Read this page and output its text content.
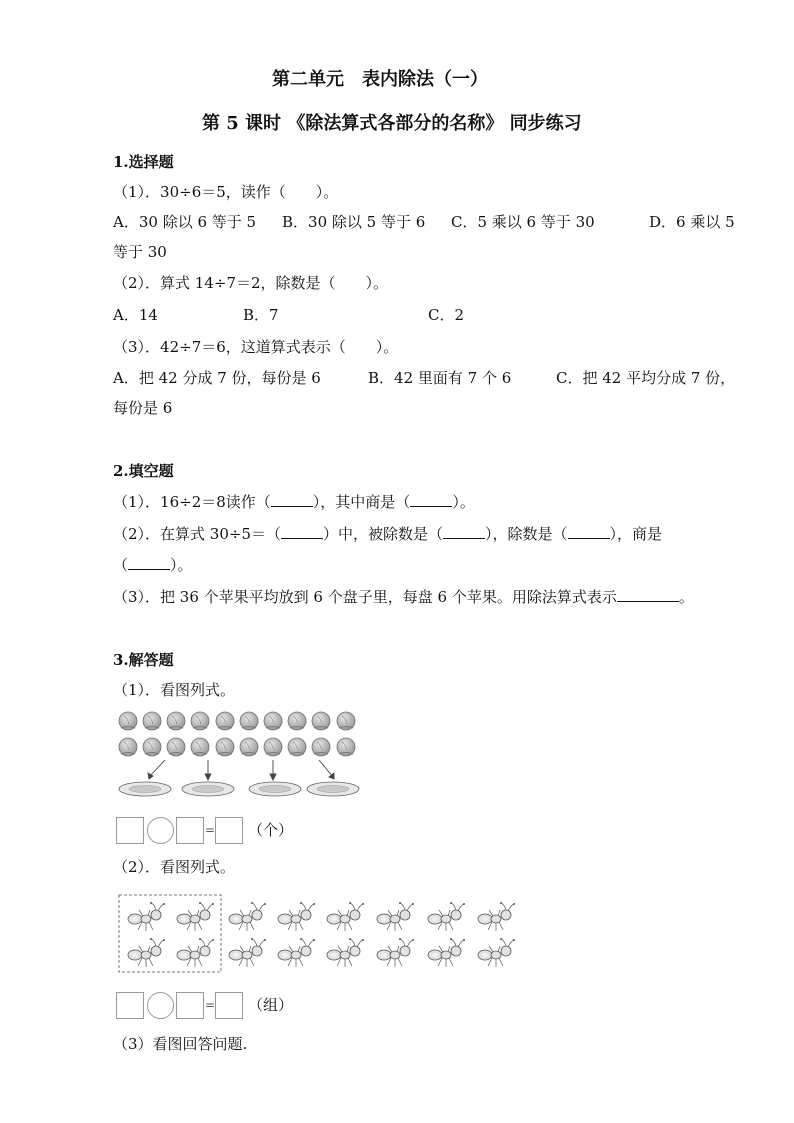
第二单元　表内除法（一）
第 5 课时 《除法算式各部分的名称》 同步练习
1.选择题
（1）．30÷6＝5，读作（　　）。
A．30 除以 6 等于 5 B．30 除以 5 等于 6 C．5 乘以 6 等于 30	D．6 乘以 5
等于 30
（2）．算式 14÷7＝2，除数是（　　）。
A．14	B．7	C．2
（3）．42÷7＝6，这道算式表示（　　）。
A．把 42 分成 7 份，每份是 6	B．42 里面有 7 个 6	C．把 42 平均分成 7 份，
每份是 6
2.填空题
（1）．16÷2＝8读作（	），其中商是（	）。
（2）．在算式 30÷5＝（	）中，被除数是（	），除数是（	），商是
（	）。
（3）．把 36 个苹果平均放到 6 个盘子里，每盘 6 个苹果。用除法算式表示	。
3.解答题
（1）．看图列式。
= （个）
（2）．看图列式。
= （组）
（3）看图回答问题.
